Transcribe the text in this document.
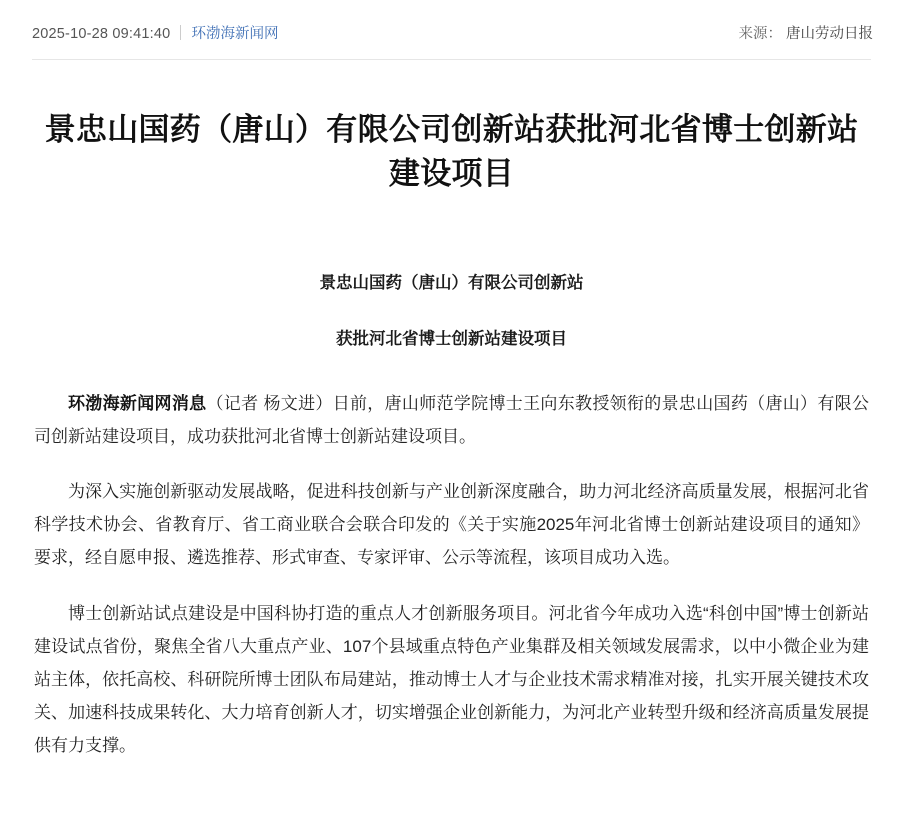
2025-10-28 09:41:40 环渤海新闻网	来源： 唐山劳动日报
景忠山国药（唐山）有限公司创新站获批河北省博士创新站建设项目
景忠山国药（唐山）有限公司创新站
获批河北省博士创新站建设项目

环渤海新闻网消息（记者 杨文进）日前，唐山师范学院博士王向东教授领衔的景忠山国药（唐山）有限公司创新站建设项目，成功获批河北省博士创新站建设项目。

为深入实施创新驱动发展战略，促进科技创新与产业创新深度融合，助力河北经济高质量发展，根据河北省科学技术协会、省教育厅、省工商业联合会联合印发的《关于实施2025年河北省博士创新站建设项目的通知》要求，经自愿申报、遴选推荐、形式审查、专家评审、公示等流程，该项目成功入选。

博士创新站试点建设是中国科协打造的重点人才创新服务项目。河北省今年成功入选“科创中国”博士创新站建设试点省份，聚焦全省八大重点产业、107个县域重点特色产业集群及相关领域发展需求，以中小微企业为建站主体，依托高校、科研院所博士团队布局建站，推动博士人才与企业技术需求精准对接，扎实开展关键技术攻关、加速科技成果转化、大力培育创新人才，切实增强企业创新能力，为河北产业转型升级和经济高质量发展提供有力支撑。
